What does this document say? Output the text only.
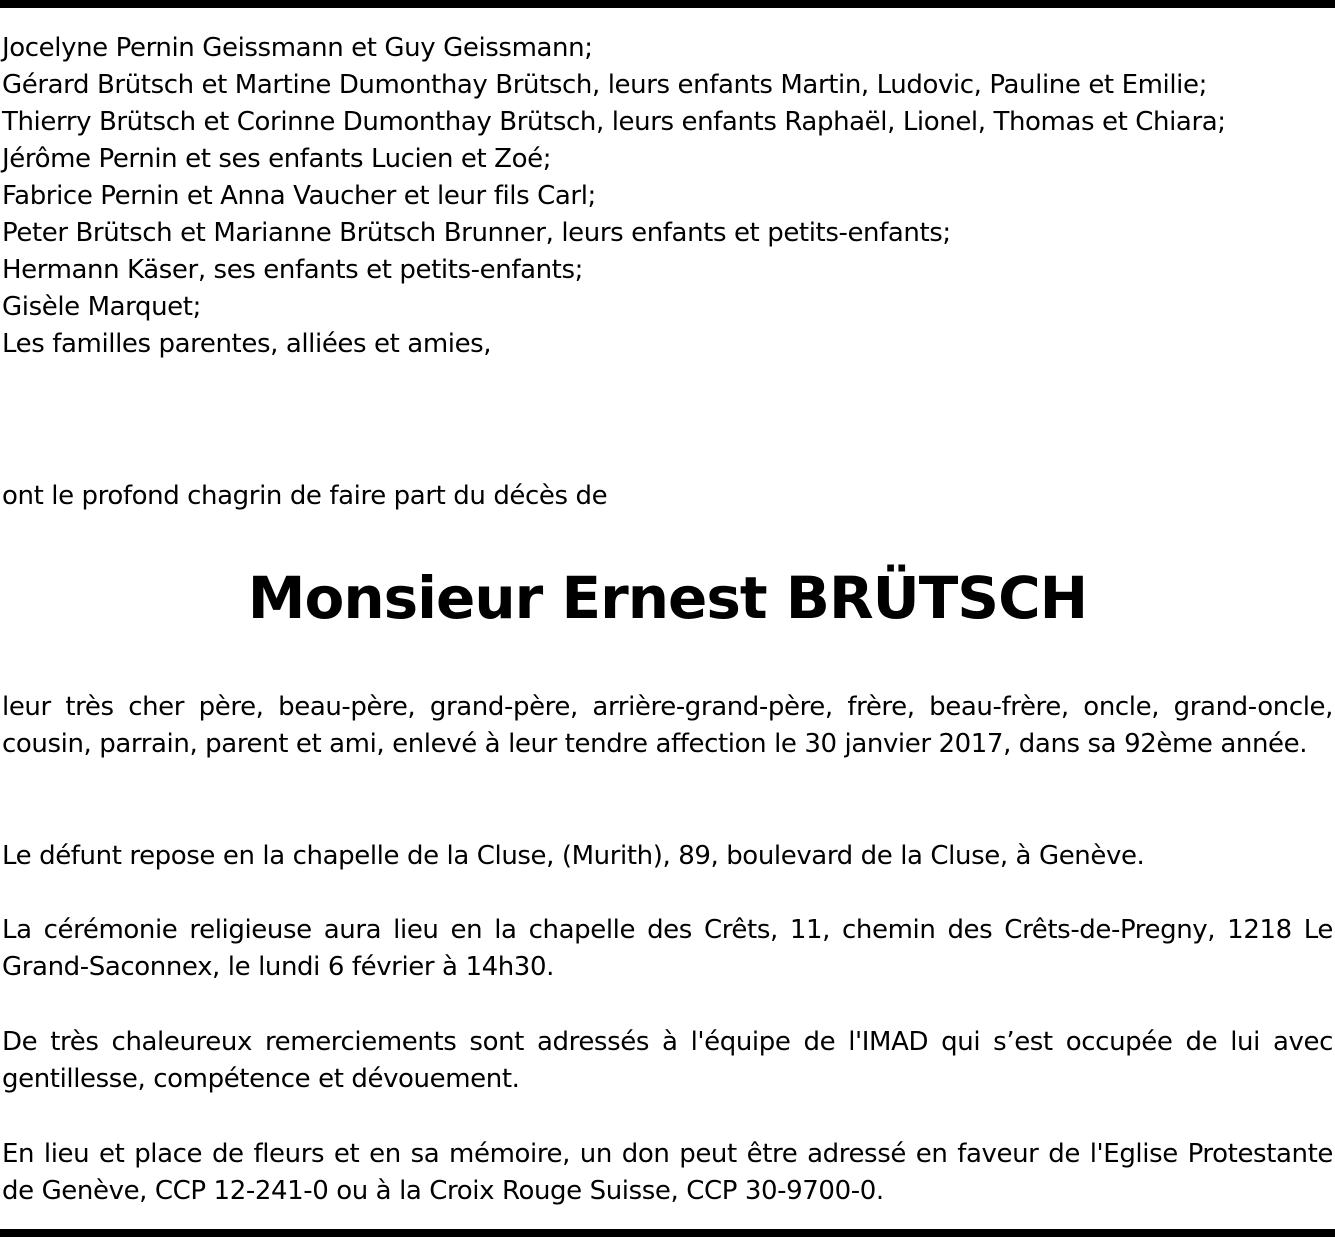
Jocelyne Pernin Geissmann et Guy Geissmann;
Gérard Brütsch et Martine Dumonthay Brütsch, leurs enfants Martin, Ludovic, Pauline et Emilie;
Thierry Brütsch et Corinne Dumonthay Brütsch, leurs enfants Raphaël, Lionel, Thomas et Chiara;
Jérôme Pernin et ses enfants Lucien et Zoé;
Fabrice Pernin et Anna Vaucher et leur fils Carl;
Peter Brütsch et Marianne Brütsch Brunner, leurs enfants et petits-enfants;
Hermann Käser, ses enfants et petits-enfants;
Gisèle Marquet;
Les familles parentes, alliées et amies,
ont le profond chagrin de faire part du décès de
Monsieur Ernest BRÜTSCH
leur très cher père, beau-père, grand-père, arrière-grand-père, frère, beau-frère, oncle, grand-oncle, cousin, parrain, parent et ami, enlevé à leur tendre affection le 30 janvier 2017, dans sa 92ème année.
Le défunt repose en la chapelle de la Cluse, (Murith), 89, boulevard de la Cluse, à Genève.
La cérémonie religieuse aura lieu en la chapelle des Crêts, 11, chemin des Crêts-de-Pregny, 1218 Le Grand-Saconnex, le lundi 6 février à 14h30.
De très chaleureux remerciements sont adressés à l'équipe de l'IMAD qui s’est occupée de lui avec gentillesse, compétence et dévouement.
En lieu et place de fleurs et en sa mémoire, un don peut être adressé en faveur de l'Eglise Protestante de Genève, CCP 12-241-0 ou à la Croix Rouge Suisse, CCP 30-9700-0.
